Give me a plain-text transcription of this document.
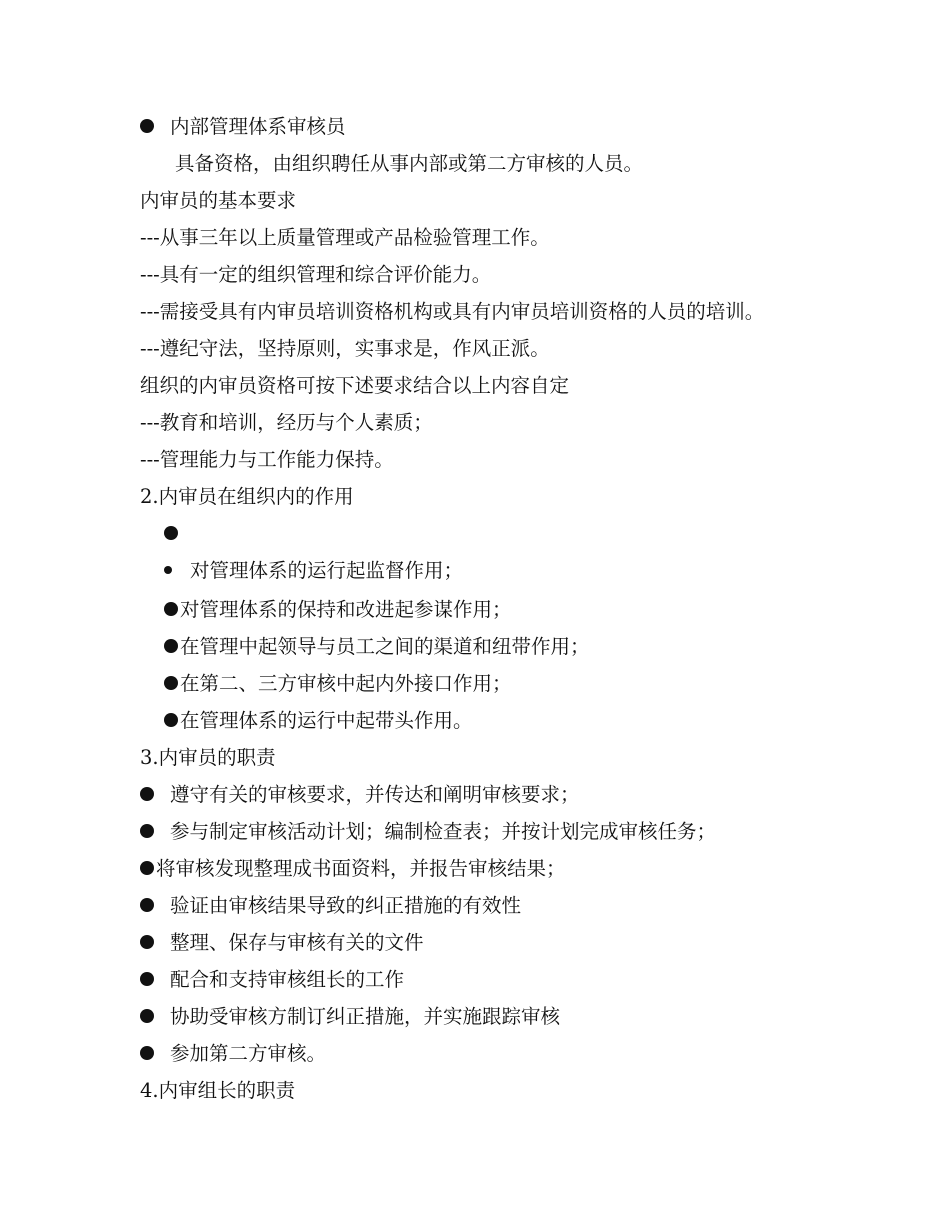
内部管理体系审核员
具备资格，由组织聘任从事内部或第二方审核的人员。
内审员的基本要求
---从事三年以上质量管理或产品检验管理工作。
---具有一定的组织管理和综合评价能力。
---需接受具有内审员培训资格机构或具有内审员培训资格的人员的培训。
---遵纪守法，坚持原则，实事求是，作风正派。
组织的内审员资格可按下述要求结合以上内容自定
---教育和培训，经历与个人素质；
---管理能力与工作能力保持。
2.内审员在组织内的作用
对管理体系的运行起监督作用；
对管理体系的保持和改进起参谋作用；
在管理中起领导与员工之间的渠道和纽带作用；
在第二、三方审核中起内外接口作用；
在管理体系的运行中起带头作用。
3.内审员的职责
遵守有关的审核要求，并传达和阐明审核要求；
参与制定审核活动计划；编制检查表；并按计划完成审核任务；
将审核发现整理成书面资料，并报告审核结果；
验证由审核结果导致的纠正措施的有效性
整理、保存与审核有关的文件
配合和支持审核组长的工作
协助受审核方制订纠正措施，并实施跟踪审核
参加第二方审核。
4.内审组长的职责
